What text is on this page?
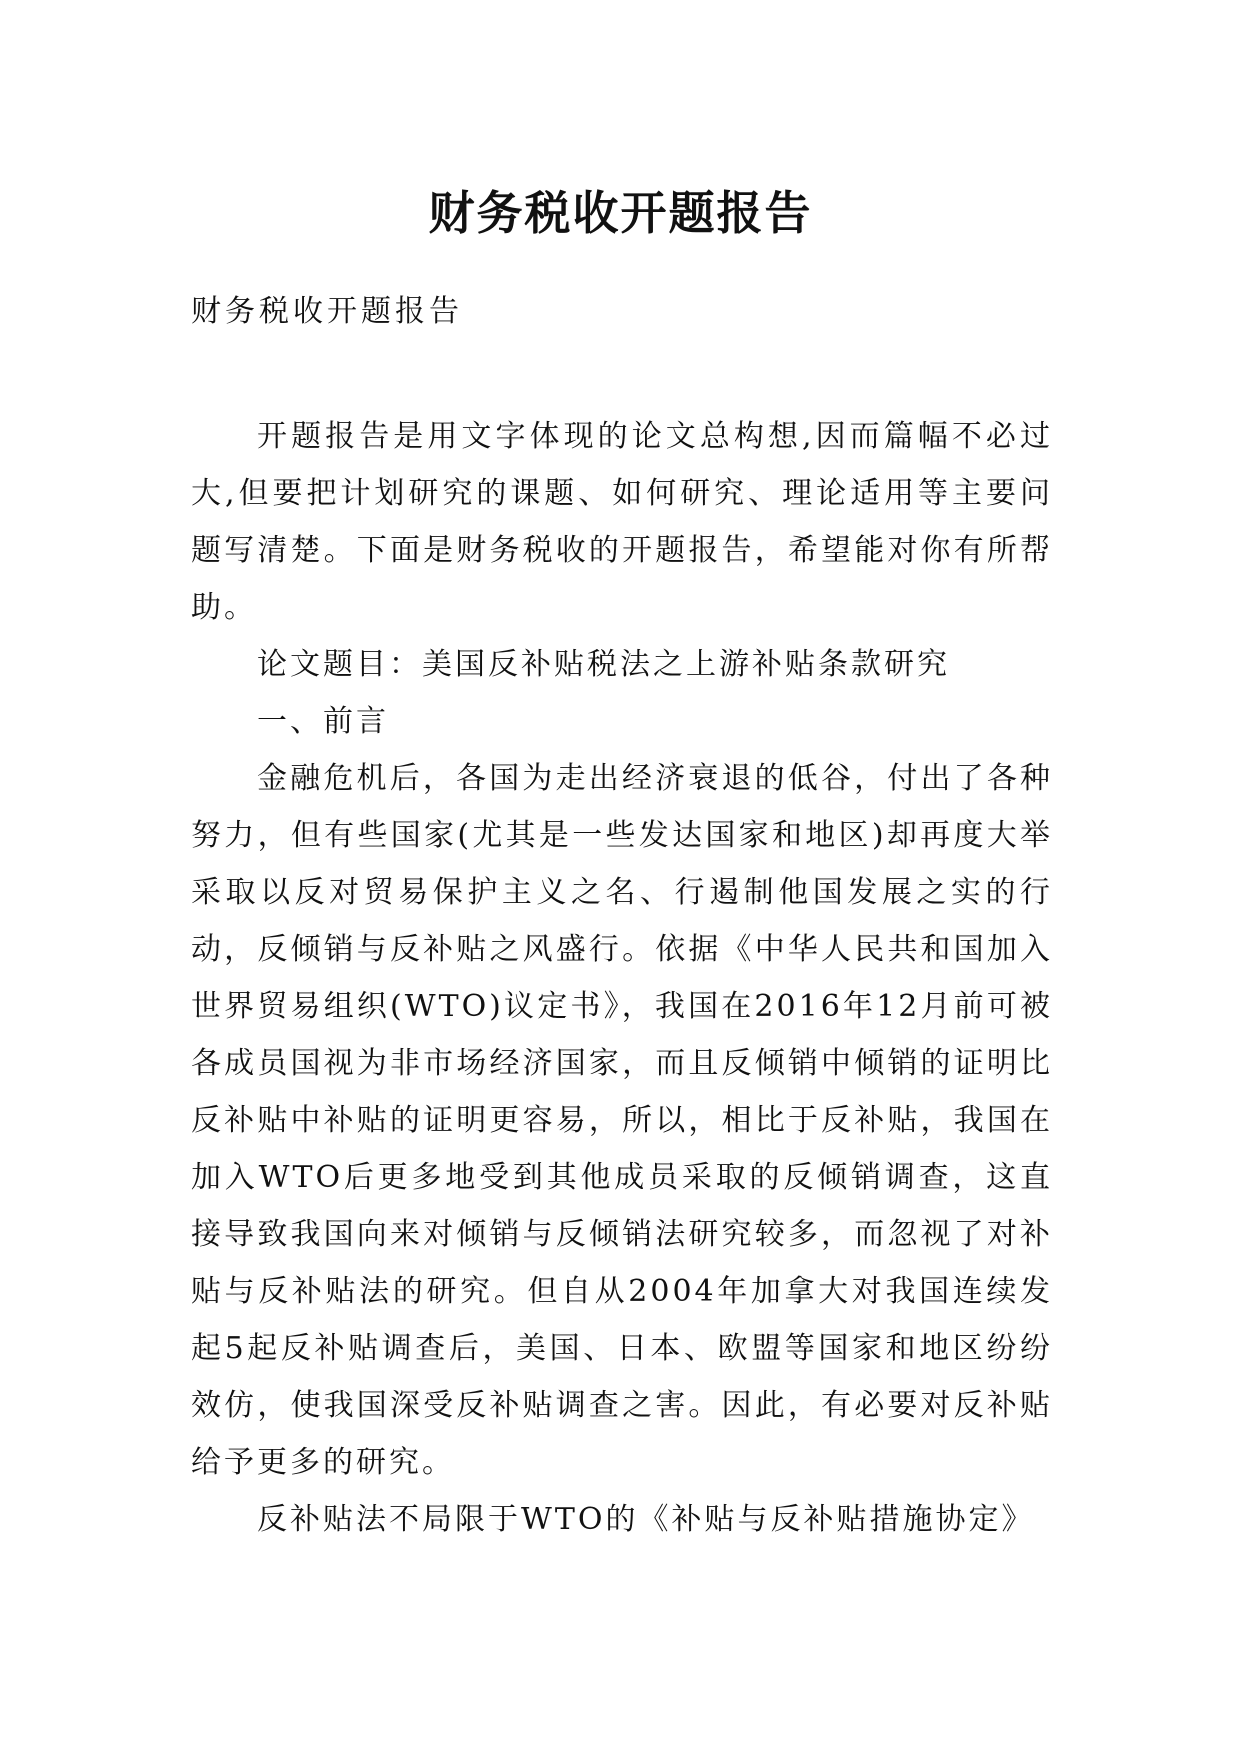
财务税收开题报告
财务税收开题报告

开题报告是用文字体现的论文总构想,因而篇幅不必过大,但要把计划研究的课题、如何研究、理论适用等主要问题写清楚。下面是财务税收的开题报告，希望能对你有所帮助。

论文题目：美国反补贴税法之上游补贴条款研究

一、前言

金融危机后，各国为走出经济衰退的低谷，付出了各种努力，但有些国家(尤其是一些发达国家和地区)却再度大举采取以反对贸易保护主义之名、行遏制他国发展之实的行动，反倾销与反补贴之风盛行。依据《中华人民共和国加入世界贸易组织(WTO)议定书》，我国在2016年12月前可被各成员国视为非市场经济国家，而且反倾销中倾销的证明比反补贴中补贴的证明更容易，所以，相比于反补贴，我国在加入WTO后更多地受到其他成员采取的反倾销调查，这直接导致我国向来对倾销与反倾销法研究较多，而忽视了对补贴与反补贴法的研究。但自从2004年加拿大对我国连续发起5起反补贴调查后，美国、日本、欧盟等国家和地区纷纷效仿，使我国深受反补贴调查之害。因此，有必要对反补贴给予更多的研究。

反补贴法不局限于WTO的《补贴与反补贴措施协定》
